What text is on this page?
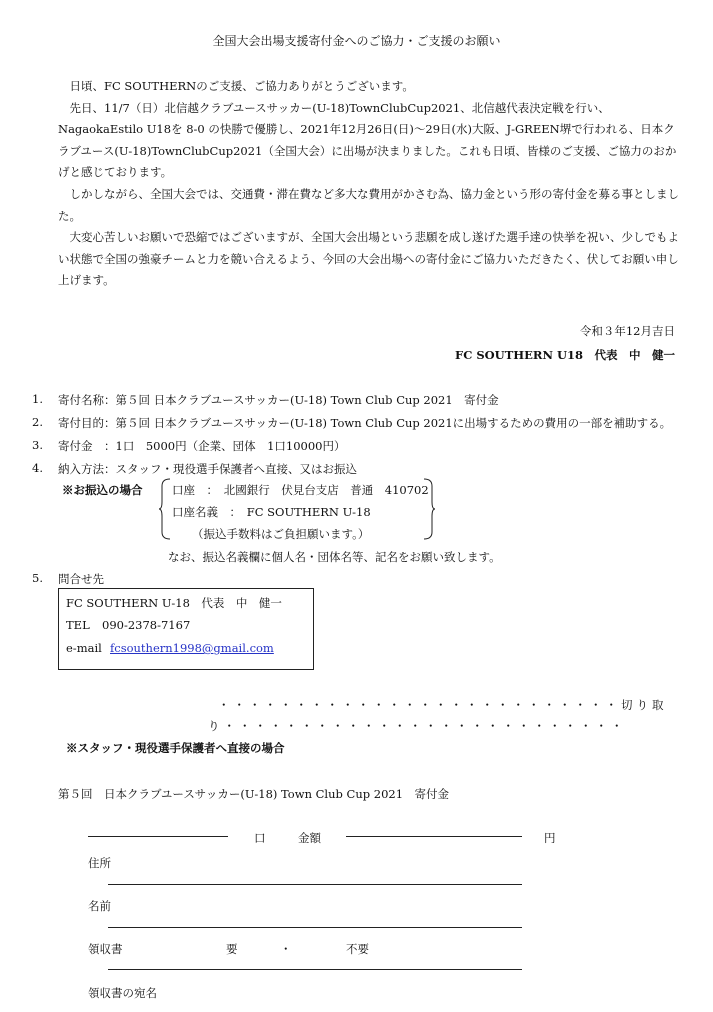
全国大会出場支援寄付金へのご協力・ご支援のお願い

日頃、FC SOUTHERNのご支援、ご協力ありがとうございます。

先日、11/7（日）北信越クラブユースサッカー(U-18)TownClubCup2021、北信越代表決定戦を行い、NagaokaEstilo U18を 8-0 の快勝で優勝し、2021年12月26日(日)～29日(水)大阪、J-GREEN堺で行われる、日本クラブユース(U-18)TownClubCup2021（全国大会）に出場が決まりました。これも日頃、皆様のご支援、ご協力のおかげと感じております。

しかしながら、全国大会では、交通費・滞在費など多大な費用がかさむ為、協力金という形の寄付金を募る事としました。

大変心苦しいお願いで恐縮ではございますが、全国大会出場という悲願を成し遂げた選手達の快挙を祝い、少しでもよい状態で全国の強豪チームと力を競い合えるよう、今回の大会出場への寄付金にご協力いただきたく、伏してお願い申し上げます。

令和３年12月吉日
FC SOUTHERN U18　代表　中　健一
1. 寄付名称：第５回 日本クラブユースサッカー(U-18) Town Club Cup 2021　寄付金
2. 寄付目的：第５回 日本クラブユースサッカー(U-18) Town Club Cup 2021に出場するための費用の一部を補助する。
3. 寄付金　：1口　5000円（企業、団体　1口10000円）
4. 納入方法：スタッフ・現役選手保護者へ直接、又はお振込
※お振込の場合	口座　：　北國銀行　伏見台支店　普通　410702
口座名義　：　FC SOUTHERN U-18
（振込手数料はご負担願います。）
なお、振込名義欄に個人名・団体名等、記名をお願い致します。
5. 問合せ先
FC SOUTHERN U-18　代表　中　健一
TEL 090-2378-7167
e-mail fcsouthern1998@gmail.com
・・・・・・・・・・・・・・・・・・・・・・・・・・切り取
り・・・・・・・・・・・・・・・・・・・・・・・・・・
※スタッフ・現役選手保護者へ直接の場合
第５回　日本クラブユースサッカー(U-18) Town Club Cup 2021　寄付金
口	金額	円
住所
名前
領収書	要	・	不要
領収書の宛名
